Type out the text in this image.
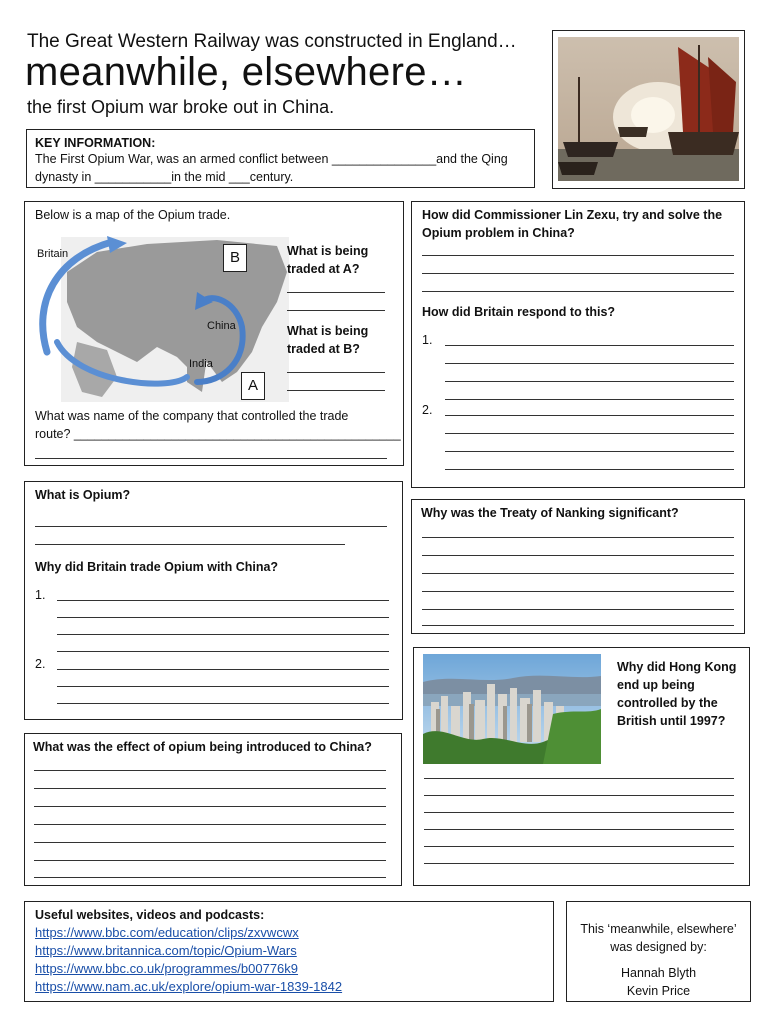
The Great Western Railway was constructed in England…
meanwhile, elsewhere…
the first Opium war broke out in China.
KEY INFORMATION:
The First Opium War, was an armed conflict between _______________and the Qing
dynasty in ___________in the mid ___century.
Below is a map of the Opium trade.
Britain
China
India
B
A
What is being traded at A?
What is being traded at B?
What was name of the company that controlled the trade
route? _______________________________________________
How did Commissioner Lin Zexu, try and solve the Opium problem in China?
How did Britain respond to this?
1.
2.
What is Opium?
Why did Britain trade Opium with China?
1.
2.
Why was the Treaty of Nanking significant?
What was the effect of opium being introduced to China?
Why did Hong Kong end up being controlled by the British until 1997?
Useful websites, videos and podcasts:
https://www.bbc.com/education/clips/zxvwcwx
https://www.britannica.com/topic/Opium-Wars
https://www.bbc.co.uk/programmes/b00776k9
https://www.nam.ac.uk/explore/opium-war-1839-1842
This ‘meanwhile, elsewhere’
was designed by:
Hannah Blyth
Kevin Price
